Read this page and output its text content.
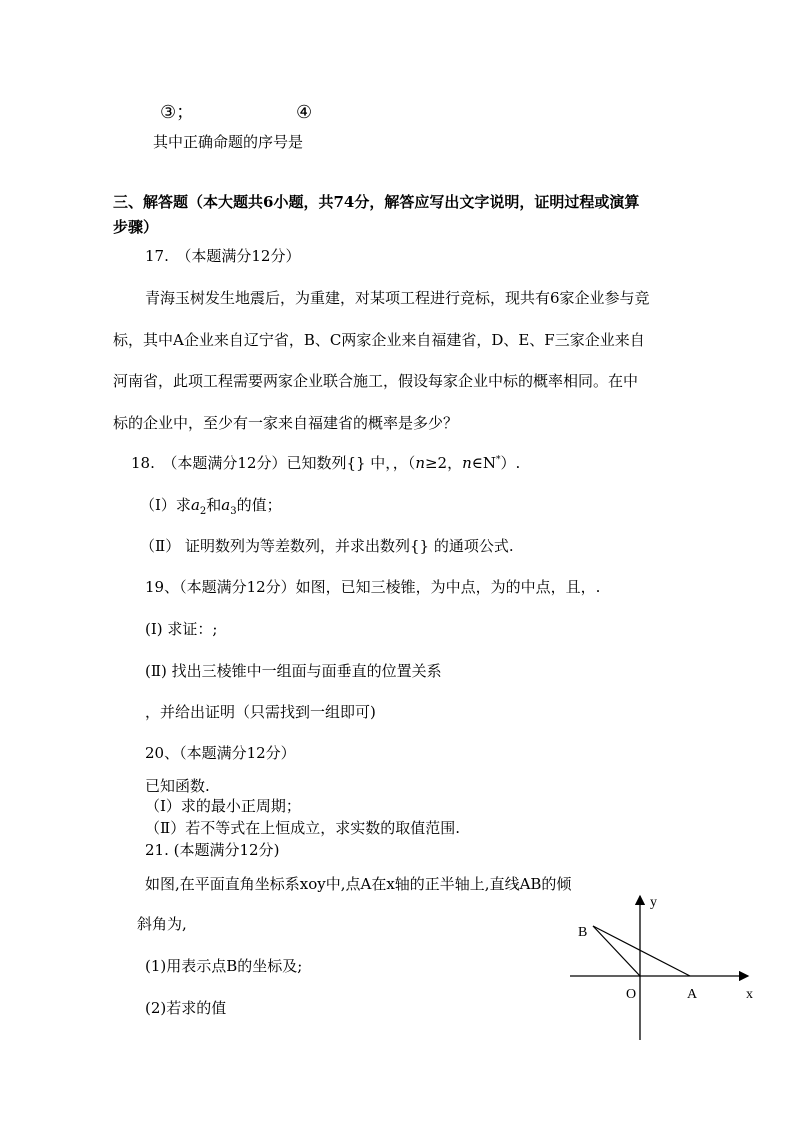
③；	④
其中正确命题的序号是
三、解答题（本大题共6小题，共74分，解答应写出文字说明，证明过程或演算
步骤）
17.　（本题满分12分）
青海玉树发生地震后，为重建，对某项工程进行竞标，现共有6家企业参与竞
标，其中A企业来自辽宁省，B、C两家企业来自福建省，D、E、F三家企业来自
河南省，此项工程需要两家企业联合施工，假设每家企业中标的概率相同。在中
标的企业中，至少有一家来自福建省的概率是多少？
18.　（本题满分12分）已知数列{} 中，，（n≥2，n∈N*）.
（Ⅰ）求$a_2$和$a_3$的值；
（Ⅱ） 证明数列为等差数列，并求出数列{} 的通项公式.
19、（本题满分12分）如图，已知三棱锥，为中点，为的中点，且，.
(Ⅰ) 求证：;
(Ⅱ) 找出三棱锥中一组面与面垂直的位置关系
，并给出证明（只需找到一组即可)
20、（本题满分12分）
已知函数.
（Ⅰ）求的最小正周期；
（Ⅱ）若不等式在上恒成立，求实数的取值范围.
21. (本题满分12分)
如图,在平面直角坐标系xoy中,点A在x轴的正半轴上,直线AB的倾
斜角为,
(1)用表示点B的坐标及;
(2)若求的值
y
x
B
O	A
